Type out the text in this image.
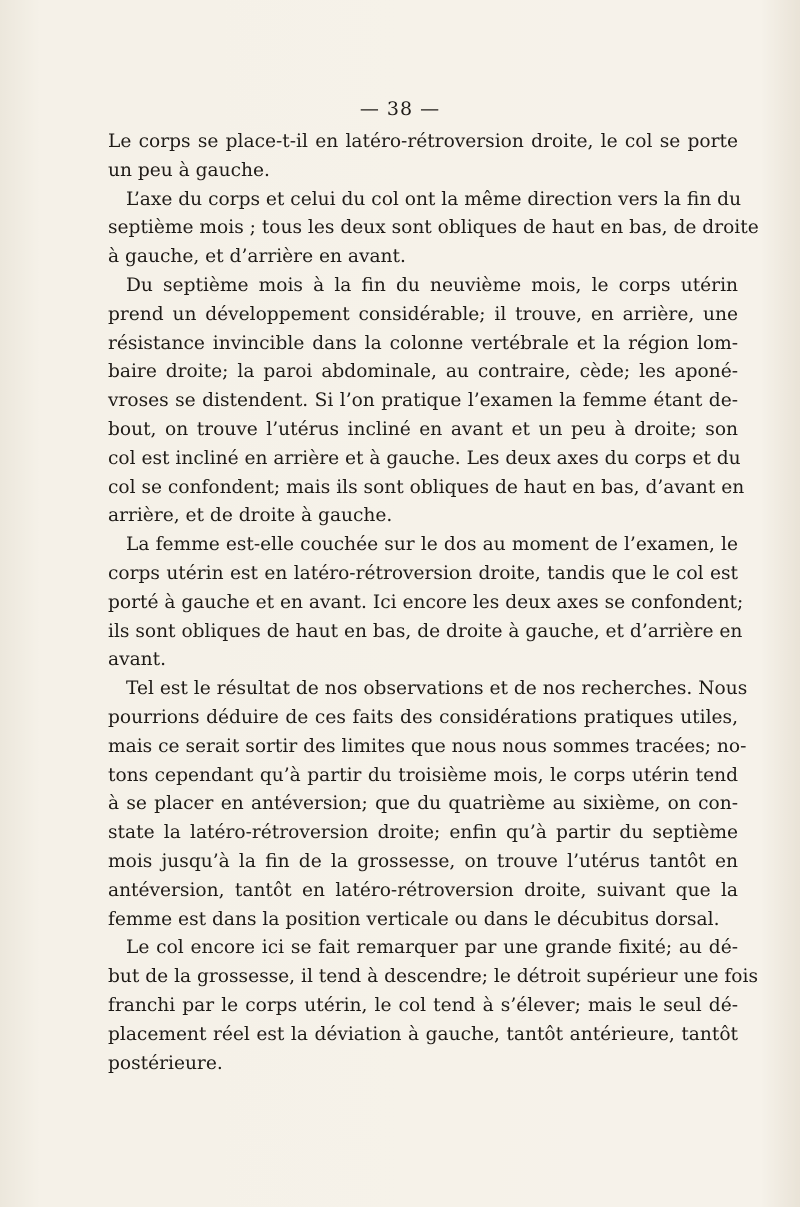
— 38 —
Le corps se place-t-il en latéro-rétroversion droite, le col se porte
un peu à gauche.
L’axe du corps et celui du col ont la même direction vers la fin du
septième mois ; tous les deux sont obliques de haut en bas, de droite
à gauche, et d’arrière en avant.
Du septième mois à la fin du neuvième mois, le corps utérin
prend un développement considérable; il trouve, en arrière, une
résistance invincible dans la colonne vertébrale et la région lom-
baire droite; la paroi abdominale, au contraire, cède; les aponé-
vroses se distendent. Si l’on pratique l’examen la femme étant de-
bout, on trouve l’utérus incliné en avant et un peu à droite; son
col est incliné en arrière et à gauche. Les deux axes du corps et du
col se confondent; mais ils sont obliques de haut en bas, d’avant en
arrière, et de droite à gauche.
La femme est-elle couchée sur le dos au moment de l’examen, le
corps utérin est en latéro-rétroversion droite, tandis que le col est
porté à gauche et en avant. Ici encore les deux axes se confondent;
ils sont obliques de haut en bas, de droite à gauche, et d’arrière en
avant.
Tel est le résultat de nos observations et de nos recherches. Nous
pourrions déduire de ces faits des considérations pratiques utiles,
mais ce serait sortir des limites que nous nous sommes tracées; no-
tons cependant qu’à partir du troisième mois, le corps utérin tend
à se placer en antéversion; que du quatrième au sixième, on con-
state la latéro-rétroversion droite; enfin qu’à partir du septième
mois jusqu’à la fin de la grossesse, on trouve l’utérus tantôt en
antéversion, tantôt en latéro-rétroversion droite, suivant que la
femme est dans la position verticale ou dans le décubitus dorsal.
Le col encore ici se fait remarquer par une grande fixité; au dé-
but de la grossesse, il tend à descendre; le détroit supérieur une fois
franchi par le corps utérin, le col tend à s’élever; mais le seul dé-
placement réel est la déviation à gauche, tantôt antérieure, tantôt
postérieure.
